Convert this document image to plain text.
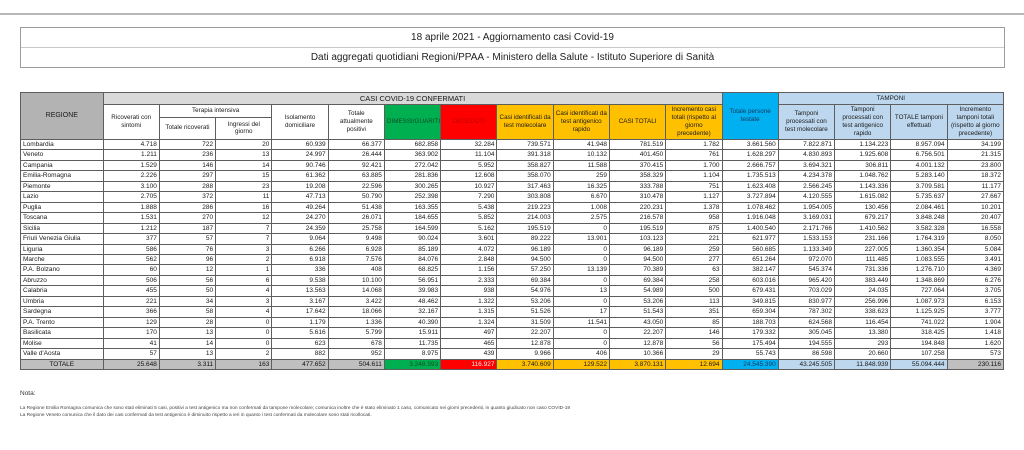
18 aprile 2021 - Aggiornamento casi Covid-19
Dati aggregati quotidiani Regioni/PPAA - Ministero della Salute - Istituto Superiore di Sanità
REGIONE	CASI COVID-19 CONFERMATI											Totale persone testate	TAMPONI			
	Ricoverati con sintomi	Terapia intensiva		Isolamento domiciliare	Totale attualmente positivi	DIMESSI/GUARITI	DECEDUTI	Casi identificati da test molecolare	Casi identificati da test antigenico rapido	CASI TOTALI	Incremento casi totali (rispetto al giorno precedente)		Tamponi processati con test molecolare	Tamponi processati con test antigenico rapido	TOTALE tamponi effettuati	Incremento tamponi totali (rispetto al giorno precedente)
		Totale ricoverati	Ingressi del giorno													
Lombardia	4.718	722	20	60.939	66.377	682.858	32.284	739.571	41.948	781.519	1.782	3.661.560	7.822.871	1.134.223	8.957.094	34.199
Veneto	1.211	236	13	24.997	26.444	363.902	11.104	391.318	10.132	401.450	761	1.628.297	4.830.893	1.925.608	6.756.501	21.315
Campania	1.529	146	14	90.746	92.421	272.042	5.952	358.827	11.588	370.415	1.700	2.666.757	3.694.321	306.811	4.001.132	23.800
Emilia-Romagna	2.226	297	15	61.362	63.885	281.836	12.608	358.070	259	358.329	1.104	1.735.513	4.234.378	1.048.762	5.283.140	18.372
Piemonte	3.100	288	23	19.208	22.596	300.265	10.927	317.463	16.325	333.788	751	1.623.408	2.566.245	1.143.336	3.709.581	11.177
Lazio	2.705	372	11	47.713	50.790	252.398	7.290	303.808	6.670	310.478	1.127	3.727.894	4.120.555	1.615.082	5.735.637	27.667
Puglia	1.888	286	16	49.264	51.438	163.355	5.438	219.223	1.008	220.231	1.378	1.078.462	1.954.005	130.456	2.084.461	10.201
Toscana	1.531	270	12	24.270	26.071	184.655	5.852	214.003	2.575	216.578	958	1.916.048	3.169.031	679.217	3.848.248	20.407
Sicilia	1.212	187	7	24.359	25.758	164.599	5.162	195.519	0	195.519	875	1.400.540	2.171.766	1.410.562	3.582.328	16.558
Friuli Venezia Giulia	377	57	7	9.064	9.498	90.024	3.601	89.222	13.901	103.123	221	621.977	1.533.153	231.166	1.764.319	8.050
Liguria	586	76	3	6.266	6.928	85.189	4.072	96.189	0	96.189	259	560.685	1.133.349	227.005	1.360.354	5.084
Marche	562	96	2	6.918	7.576	84.076	2.848	94.500	0	94.500	277	651.264	972.070	111.485	1.083.555	3.491
P.A. Bolzano	60	12	1	336	408	68.825	1.156	57.250	13.139	70.389	63	382.147	545.374	731.336	1.276.710	4.369
Abruzzo	506	56	6	9.538	10.100	56.951	2.333	69.384	0	69.384	258	603.016	965.420	383.449	1.348.869	6.276
Calabria	455	50	4	13.563	14.068	39.983	938	54.976	13	54.989	500	679.431	703.029	24.035	727.064	3.705
Umbria	221	34	3	3.167	3.422	48.462	1.322	53.206	0	53.206	113	349.815	830.977	256.996	1.087.973	6.153
Sardegna	366	58	4	17.642	18.066	32.167	1.315	51.526	17	51.543	351	659.304	787.302	338.623	1.125.925	3.777
P.A. Trento	129	28	0	1.179	1.336	40.390	1.324	31.509	11.541	43.050	85	188.703	624.568	116.454	741.022	1.904
Basilicata	170	13	0	5.616	5.799	15.911	497	22.207	0	22.207	146	179.332	305.045	13.380	318.425	1.418
Molise	41	14	0	623	678	11.735	465	12.878	0	12.878	56	175.494	194.555	293	194.848	1.620
Valle d'Aosta	57	13	2	882	952	8.975	439	9.966	406	10.366	29	55.743	86.598	20.660	107.258	573
TOTALE	25.648	3.311	163	477.652	504.611	3.248.593	116.927	3.740.609	129.522	3.870.131	12.694	24.545.390	43.245.505	11.848.939	55.094.444	230.116
Nota:
La Regione Emilia Romagna comunica che sono stati eliminati 5 casi, positivi a test antigenico ma non confermati da tampone molecolare; comunica inoltre che è stato eliminato 1 caso, comunicato nei giorni precedenti, in quanto giudicato non caso COVID-19
La Regione Veneto comunica che il dato dei casi confermati da test antigenico è diminuito rispetto a ieri in quanto i test confermati da molecolare sono stati ricollocati.
